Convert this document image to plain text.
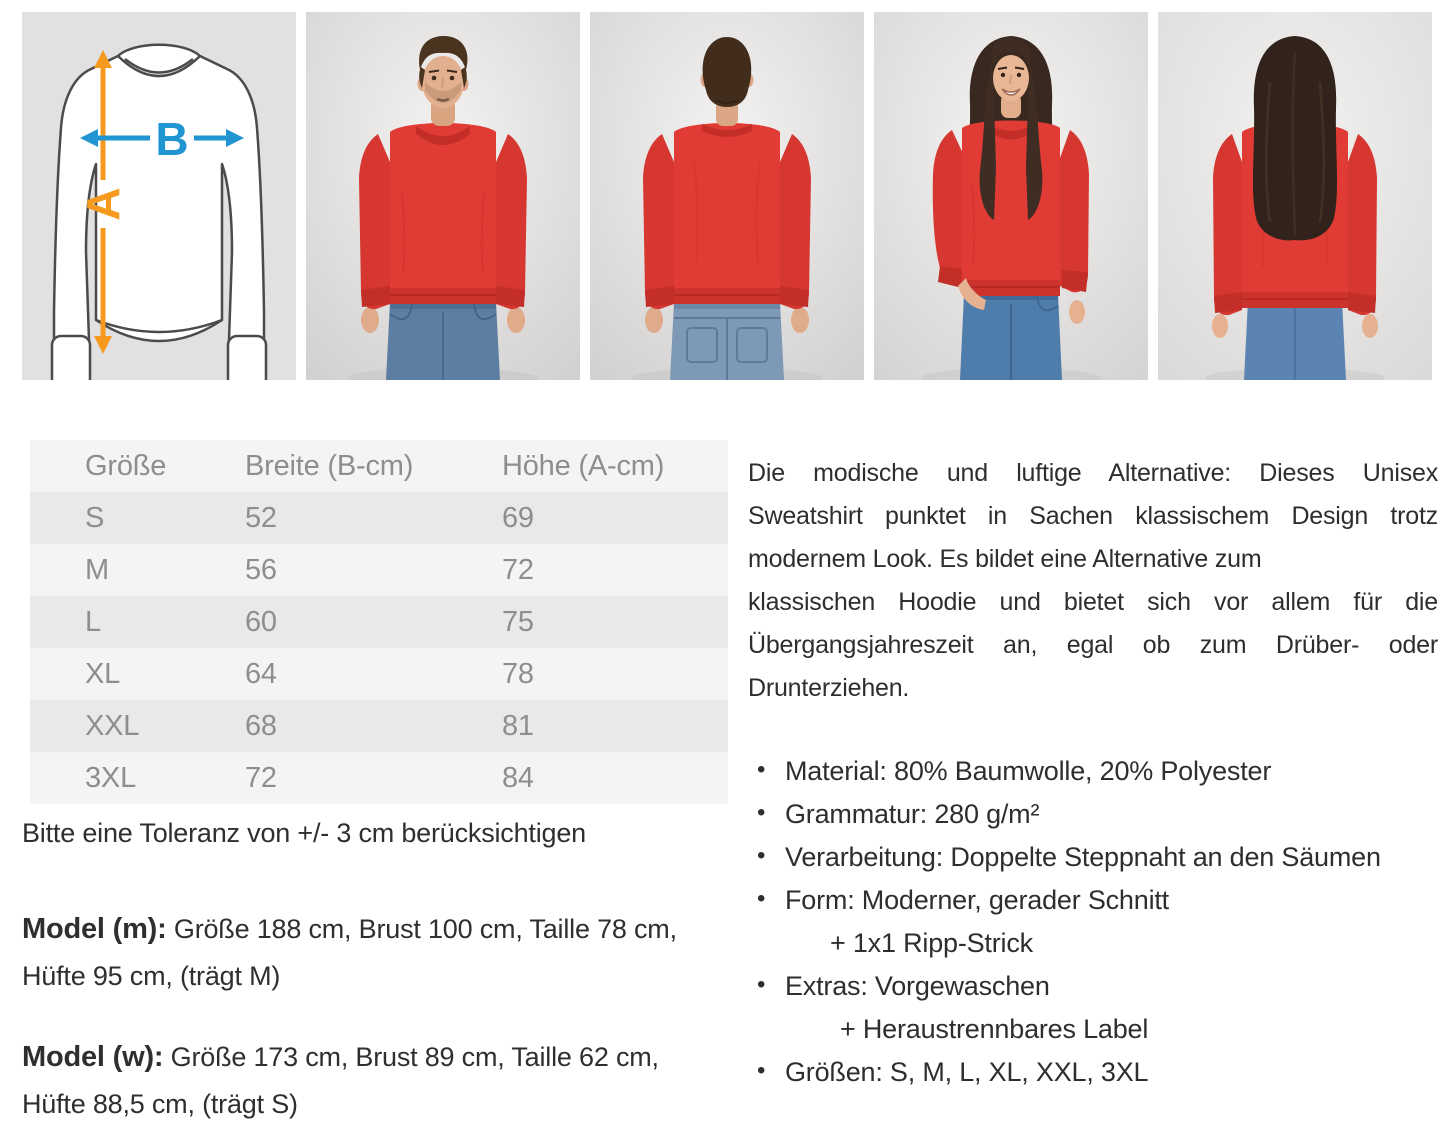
A
B
Größe	Breite (B-cm)	Höhe (A-cm)
S	52	69
M	56	72
L	60	75
XL	64	78
XXL	68	81
3XL	72	84

Bitte eine Toleranz von +/- 3 cm berücksichtigen

Model (m): Größe 188 cm, Brust 100 cm, Taille 78 cm,
Hüfte 95 cm, (trägt M)
Model (w): Größe 173 cm, Brust 89 cm, Taille 62 cm,
Hüfte 88,5 cm, (trägt S)
Die modische und luftige Alternative: Dieses Unisex
Sweatshirt punktet in Sachen klassischem Design trotz
modernem Look. Es bildet eine Alternative zum
klassischen Hoodie und bietet sich vor allem für die
Übergangsjahreszeit an, egal ob zum Drüber- oder
Drunterziehen.
• Material: 80% Baumwolle, 20% Polyester
• Grammatur: 280 g/m²
• Verarbeitung: Doppelte Steppnaht an den Säumen
• Form: Moderner, gerader Schnitt
+ 1x1 Ripp-Strick
• Extras: Vorgewaschen
+ Heraustrennbares Label
• Größen: S, M, L, XL, XXL, 3XL
